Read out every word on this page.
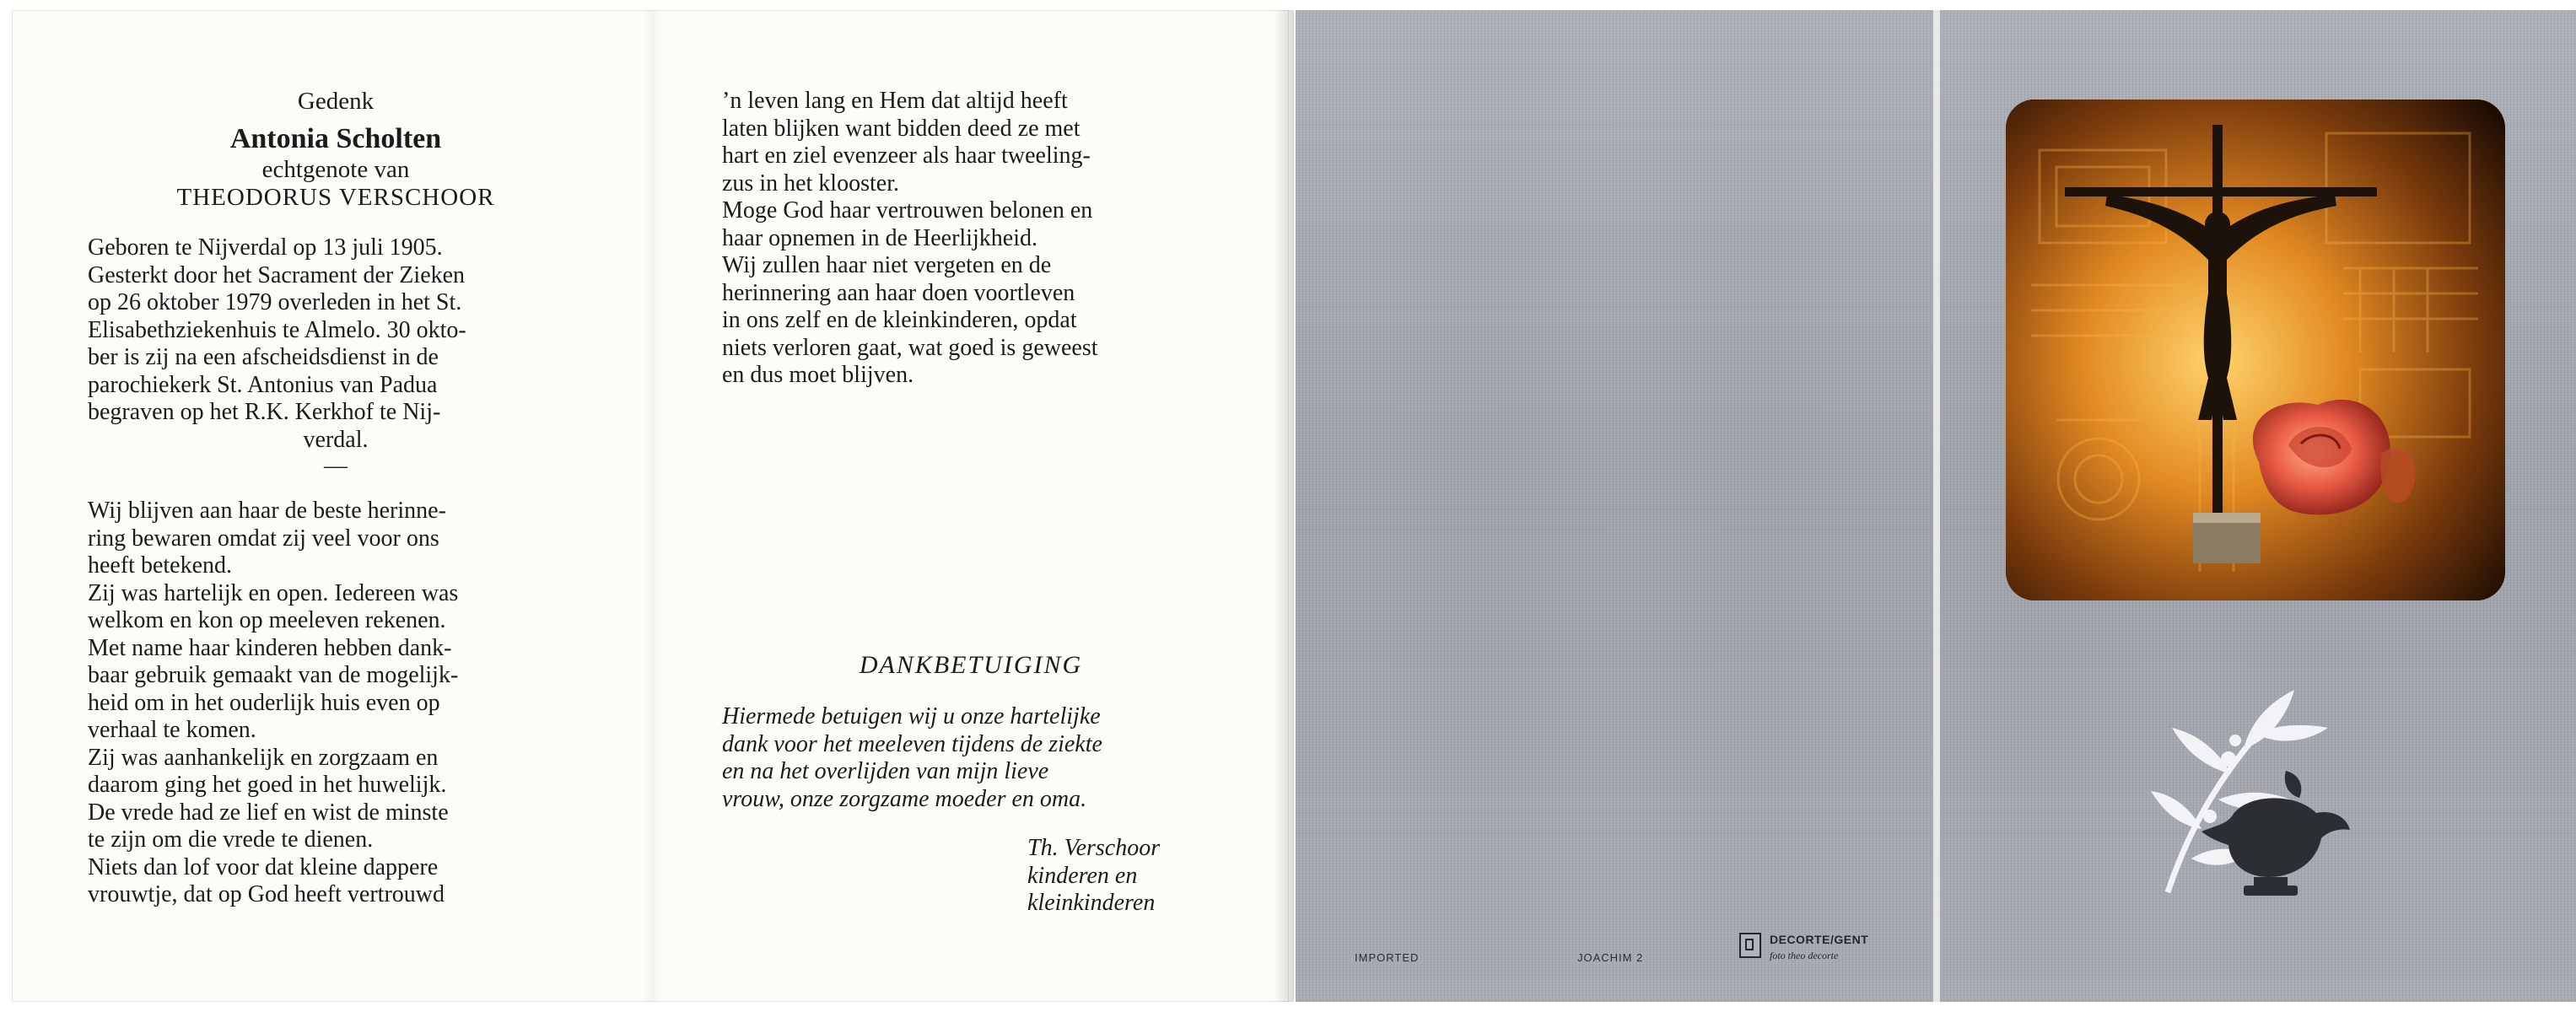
Gedenk
Antonia Scholten
echtgenote van
THEODORUS VERSCHOOR
Geboren te Nijverdal op 13 juli 1905.
Gesterkt door het Sacrament der Zieken
op 26 oktober 1979 overleden in het St.
Elisabethziekenhuis te Almelo. 30 okto-
ber is zij na een afscheidsdienst in de
parochiekerk St. Antonius van Padua
begraven op het R.K. Kerkhof te Nij-
verdal.
—
Wij blijven aan haar de beste herinne-
ring bewaren omdat zij veel voor ons
heeft betekend.
Zij was hartelijk en open. Iedereen was
welkom en kon op meeleven rekenen.
Met name haar kinderen hebben dank-
baar gebruik gemaakt van de mogelijk-
heid om in het ouderlijk huis even op
verhaal te komen.
Zij was aanhankelijk en zorgzaam en
daarom ging het goed in het huwelijk.
De vrede had ze lief en wist de minste
te zijn om die vrede te dienen.
Niets dan lof voor dat kleine dappere
vrouwtje, dat op God heeft vertrouwd
’n leven lang en Hem dat altijd heeft
laten blijken want bidden deed ze met
hart en ziel evenzeer als haar tweeling-
zus in het klooster.
Moge God haar vertrouwen belonen en
haar opnemen in de Heerlijkheid.
Wij zullen haar niet vergeten en de
herinnering aan haar doen voortleven
in ons zelf en de kleinkinderen, opdat
niets verloren gaat, wat goed is geweest
en dus moet blijven.
DANKBETUIGING
Hiermede betuigen wij u onze hartelijke
dank voor het meeleven tijdens de ziekte
en na het overlijden van mijn lieve
vrouw, onze zorgzame moeder en oma.
Th. Verschoor
kinderen en
kleinkinderen
IMPORTED	JOACHIM 2
DECORTE/GENT
foto theo decorte
